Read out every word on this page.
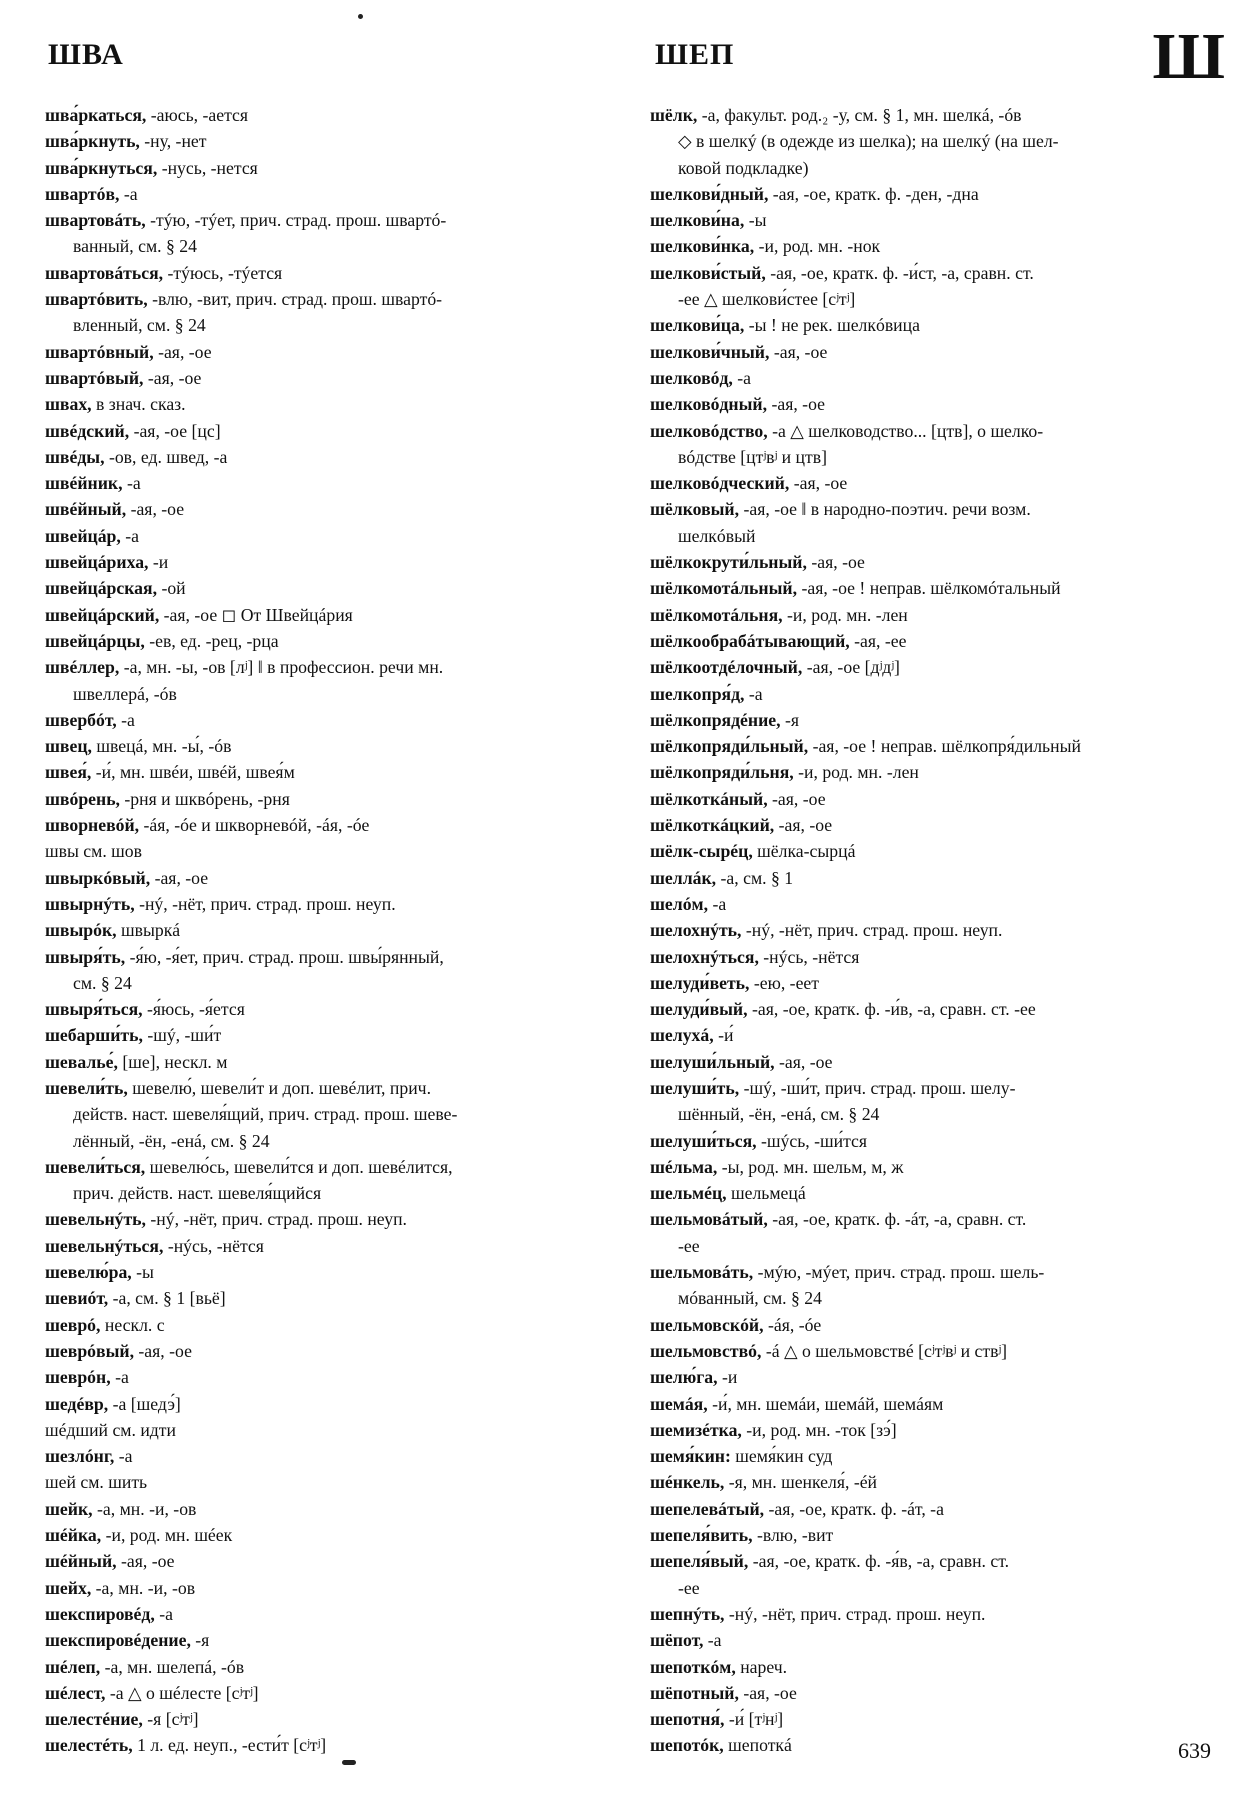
ШВА	ШЕП	Ш
шва́ркаться, -аюсь, -ается
шва́ркнуть, -ну, -нет
шва́ркнуться, -нусь, -нется
швартóв, -а
швартовáть, -тýю, -тýет, прич. страд. прош. швартó-
ванный, см. § 24
швартовáться, -тýюсь, -тýется
швартóвить, -влю, -вит, прич. страд. прош. швартó-
вленный, см. § 24
швартóвный, -ая, -ое
швартóвый, -ая, -ое
швах, в знач. сказ.
швéдский, -ая, -ое [цс]
швéды, -ов, ед. швед, -а
швéйник, -а
швéйный, -ая, -ое
швейцáр, -а
швейцáриха, -и
швейцáрская, -ой
швейцáрский, -ая, -ое ◻ От Швейцáрия
швейцáрцы, -ев, ед. -рец, -рца
швéллер, -а, мн. -ы, -ов [лʲ] ‖ в профессион. речи мн.
швеллерá, -óв
швербóт, -а
швец, швецá, мн. -ы́, -óв
швея́, -и́, мн. швéи, швéй, швея́м
швóрень, -рня и шквóрень, -рня
шворневóй, -áя, -óе и шкворневóй, -áя, -óе
швы см. шов
швыркóвый, -ая, -ое
швырнýть, -нý, -нёт, прич. страд. прош. неуп.
швырóк, швыркá
швыря́ть, -я́ю, -я́ет, прич. страд. прош. швы́рянный,
см. § 24
швыря́ться, -я́юсь, -я́ется
шебарши́ть, -шý, -ши́т
шевалье́, [ше], нескл. м
шевели́ть, шевелю́, шевели́т и доп. шевéлит, прич.
действ. наст. шевеля́щий, прич. страд. прош. шеве-
лённый, -ён, -енá, см. § 24
шевели́ться, шевелю́сь, шевели́тся и доп. шевéлится,
прич. действ. наст. шевеля́щийся
шевельнýть, -нý, -нёт, прич. страд. прош. неуп.
шевельнýться, -нýсь, -нётся
шевелю́ра, -ы
шевиóт, -а, см. § 1 [вьё]
шеврó, нескл. с
шеврóвый, -ая, -ое
шеврóн, -а
шедéвр, -а [шедэ́]
шéдший см. идти
шезлóнг, -а
шей см. шить
шейк, -а, мн. -и, -ов
шéйка, -и, род. мн. шéек
шéйный, -ая, -ое
шейх, -а, мн. -и, -ов
шекспировéд, -а
шекспировéдение, -я
шéлеп, -а, мн. шелепá, -óв
шéлест, -а △ о шéлесте [сʲтʲ]
шелестéние, -я [сʲтʲ]
шелестéть, 1 л. ед. неуп., -ести́т [сʲтʲ]
шёлк, -а, факульт. род.₂ -у, см. § 1, мн. шелкá, -óв
◇ в шелкý (в одежде из шелка); на шелкý (на шел-
ковой подкладке)
шелкови́дный, -ая, -ое, кратк. ф. -ден, -дна
шелкови́на, -ы
шелкови́нка, -и, род. мн. -нок
шелкови́стый, -ая, -ое, кратк. ф. -и́ст, -а, сравн. ст.
-ее △ шелкови́стее [сʲтʲ]
шелкови́ца, -ы ! не рек. шелкóвица
шелкови́чный, -ая, -ое
шелковóд, -а
шелковóдный, -ая, -ое
шелковóдство, -а △ шелководство... [цтв], о шелко-
вóдстве [цтʲвʲ и цтв]
шелковóдческий, -ая, -ое
шёлковый, -ая, -ое ‖ в народно-поэтич. речи возм.
шелкóвый
шёлкокрути́льный, -ая, -ое
шёлкомотáльный, -ая, -ое ! неправ. шёлкомóтальный
шёлкомотáльня, -и, род. мн. -лен
шёлкообрабáтывающий, -ая, -ее
шёлкоотдéлочный, -ая, -ое [дʲдʲ]
шелкопря́д, -а
шёлкопрядéние, -я
шёлкопряди́льный, -ая, -ое ! неправ. шёлкопря́дильный
шёлкопряди́льня, -и, род. мн. -лен
шёлкоткáный, -ая, -ое
шёлкоткáцкий, -ая, -ое
шёлк-сырéц, шёлка-сырцá
шеллáк, -а, см. § 1
шелóм, -а
шелохнýть, -нý, -нёт, прич. страд. прош. неуп.
шелохнýться, -нýсь, -нётся
шелуди́веть, -ею, -еет
шелуди́вый, -ая, -ое, кратк. ф. -и́в, -а, сравн. ст. -ее
шелухá, -и́
шелуши́льный, -ая, -ое
шелуши́ть, -шý, -ши́т, прич. страд. прош. шелу-
шённый, -ён, -енá, см. § 24
шелуши́ться, -шýсь, -ши́тся
шéльма, -ы, род. мн. шельм, м, ж
шельмéц, шельмецá
шельмовáтый, -ая, -ое, кратк. ф. -áт, -а, сравн. ст.
-ее
шельмовáть, -мýю, -мýет, прич. страд. прош. шель-
мóванный, см. § 24
шельмовскóй, -áя, -óе
шельмовствó, -á △ о шельмовствé [сʲтʲвʲ и ствʲ]
шелю́га, -и
шемáя, -и́, мн. шемáи, шемáй, шемáям
шемизéтка, -и, род. мн. -ток [зэ́]
шемя́кин: шемя́кин суд
шéнкель, -я, мн. шенкеля́, -éй
шепелевáтый, -ая, -ое, кратк. ф. -áт, -а
шепеля́вить, -влю, -вит
шепеля́вый, -ая, -ое, кратк. ф. -я́в, -а, сравн. ст.
-ее
шепнýть, -нý, -нёт, прич. страд. прош. неуп.
шёпот, -а
шепоткóм, нареч.
шёпотный, -ая, -ое
шепотня́, -и́ [тʲнʲ]
шепотóк, шепоткá	639
